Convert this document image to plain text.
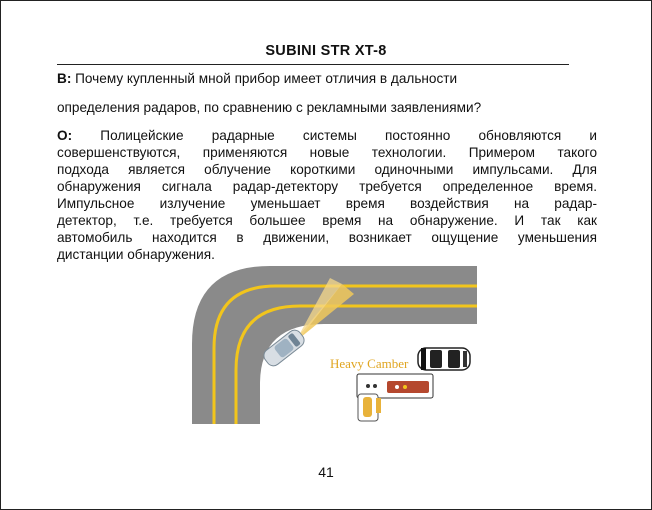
SUBINI STR XT-8
В: Почему купленный мной прибор имеет отличия в дальности
определения радаров, по сравнению с рекламными заявлениями?
О: Полицейские радарные системы постоянно обновляются и
совершенствуются, применяются новые технологии. Примером такого
подхода является облучение короткими одиночными импульсами. Для
обнаружения сигнала радар-детектору требуется определенное время.
Импульсное излучение уменьшает время воздействия на радар-
детектор, т.е. требуется большее время на обнаружение. И так как
автомобиль находится в движении, возникает ощущение уменьшения
дистанции обнаружения.
Heavy Camber
41
